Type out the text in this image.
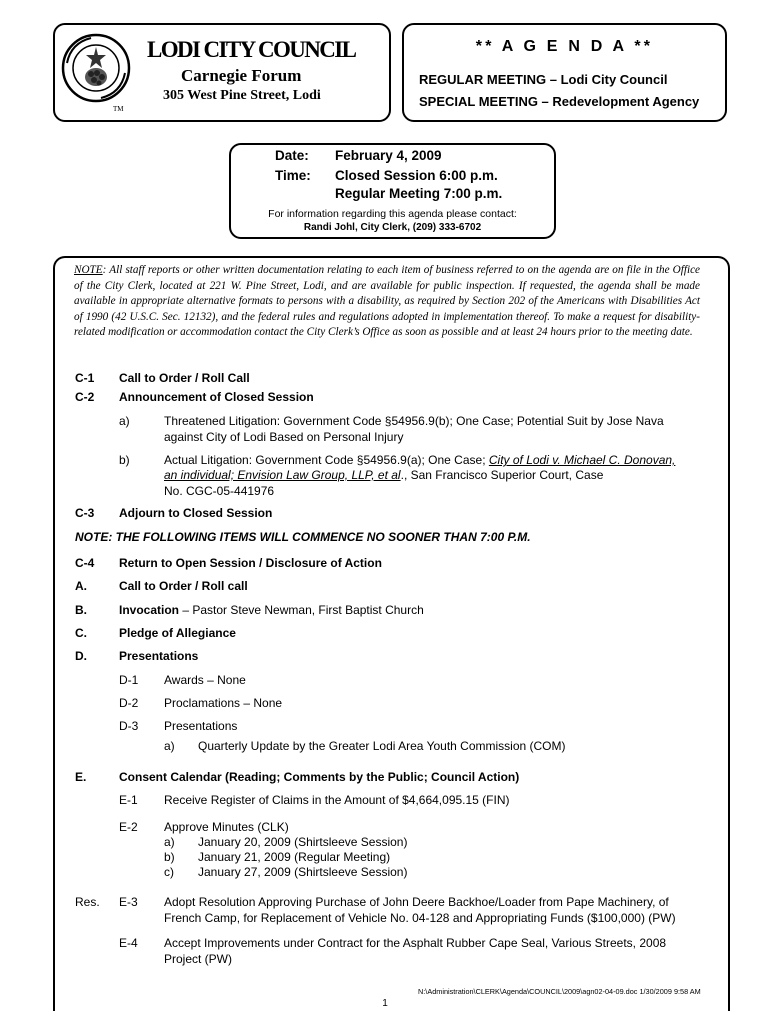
LODI CITY COUNCIL
Carnegie Forum
305 West Pine Street, Lodi
TM
** A G E N D A **
REGULAR MEETING – Lodi City Council
SPECIAL MEETING – Redevelopment Agency
Date: February 4, 2009
Time: Closed Session 6:00 p.m.
Regular Meeting 7:00 p.m.
For information regarding this agenda please contact:
Randi Johl, City Clerk, (209) 333-6702
NOTE: All staff reports or other written documentation relating to each item of business referred to on the agenda are on file in the Office of the City Clerk, located at 221 W. Pine Street, Lodi, and are available for public inspection. If requested, the agenda shall be made available in appropriate alternative formats to persons with a disability, as required by Section 202 of the Americans with Disabilities Act of 1990 (42 U.S.C. Sec. 12132), and the federal rules and regulations adopted in implementation thereof. To make a request for disability-related modification or accommodation contact the City Clerk’s Office as soon as possible and at least 24 hours prior to the meeting date.
C-1 Call to Order / Roll Call
C-2 Announcement of Closed Session
a)	Threatened Litigation: Government Code §54956.9(b); One Case; Potential Suit by Jose Nava
against City of Lodi Based on Personal Injury
b)	Actual Litigation: Government Code §54956.9(a); One Case; City of Lodi v. Michael C. Donovan,
an individual; Envision Law Group, LLP, et al., San Francisco Superior Court, Case
No. CGC-05-441976
C-3 Adjourn to Closed Session
NOTE: THE FOLLOWING ITEMS WILL COMMENCE NO SOONER THAN 7:00 P.M.
C-4 Return to Open Session / Disclosure of Action
A.	Call to Order / Roll call
B.	Invocation – Pastor Steve Newman, First Baptist Church
C.	Pledge of Allegiance
D.	Presentations
D-1 Awards – None
D-2 Proclamations – None
D-3 Presentations
a) Quarterly Update by the Greater Lodi Area Youth Commission (COM)
E.	Consent Calendar (Reading; Comments by the Public; Council Action)
E-1 Receive Register of Claims in the Amount of $4,664,095.15 (FIN)
E-2 Approve Minutes (CLK)
a) January 20, 2009 (Shirtsleeve Session)
b) January 21, 2009 (Regular Meeting)
c) January 27, 2009 (Shirtsleeve Session)
Res. E-3 Adopt Resolution Approving Purchase of John Deere Backhoe/Loader from Pape Machinery, of
French Camp, for Replacement of Vehicle No. 04-128 and Appropriating Funds ($100,000) (PW)
E-4 Accept Improvements under Contract for the Asphalt Rubber Cape Seal, Various Streets, 2008
Project (PW)
N:\Administration\CLERK\Agenda\COUNCIL\2009\agn02-04-09.doc 1/30/2009 9:58 AM
1
